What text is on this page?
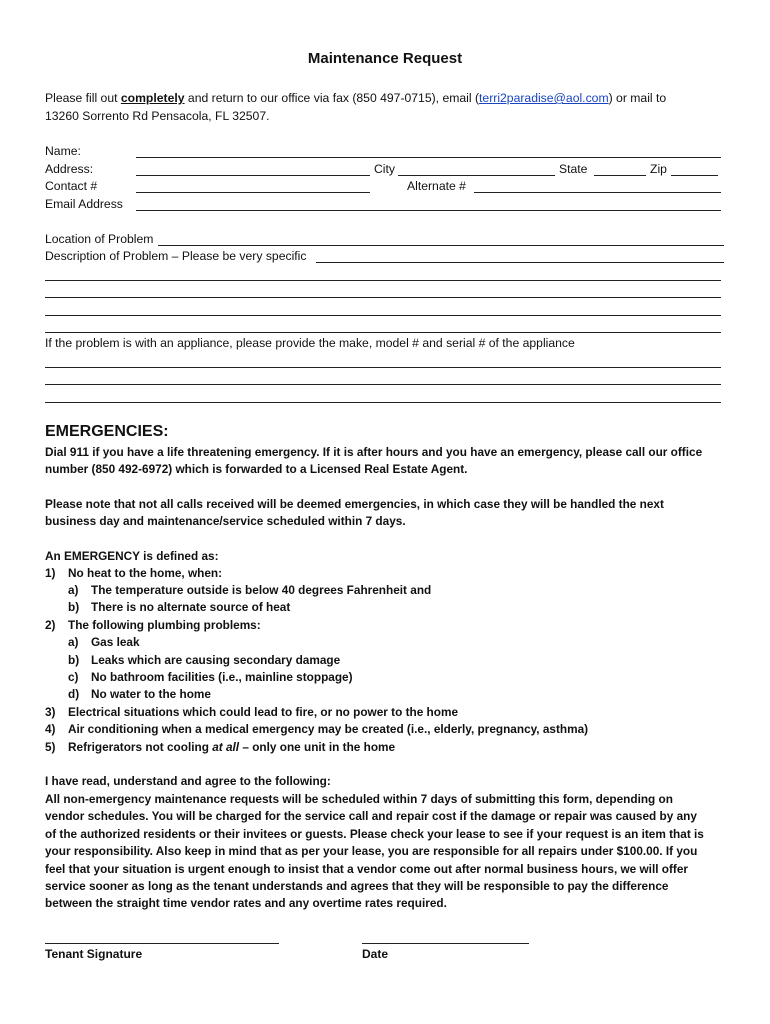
Maintenance Request
Please fill out completely and return to our office via fax (850 497-0715), email (terri2paradise@aol.com) or mail to
13260 Sorrento Rd Pensacola, FL 32507.
Name:
Address:	City	State	Zip
Contact #	Alternate #
Email Address
Location of Problem
Description of Problem – Please be very specific
If the problem is with an appliance, please provide the make, model # and serial # of the appliance
EMERGENCIES:
Dial 911 if you have a life threatening emergency. If it is after hours and you have an emergency, please call our office
number (850 492-6972) which is forwarded to a Licensed Real Estate Agent.
Please note that not all calls received will be deemed emergencies, in which case they will be handled the next
business day and maintenance/service scheduled within 7 days.
An EMERGENCY is defined as:
1) No heat to the home, when:
a) The temperature outside is below 40 degrees Fahrenheit and
b) There is no alternate source of heat
2) The following plumbing problems:
a) Gas leak
b) Leaks which are causing secondary damage
c) No bathroom facilities (i.e., mainline stoppage)
d) No water to the home
3) Electrical situations which could lead to fire, or no power to the home
4) Air conditioning when a medical emergency may be created (i.e., elderly, pregnancy, asthma)
5) Refrigerators not cooling at all – only one unit in the home
I have read, understand and agree to the following:
All non-emergency maintenance requests will be scheduled within 7 days of submitting this form, depending on
vendor schedules. You will be charged for the service call and repair cost if the damage or repair was caused by any
of the authorized residents or their invitees or guests. Please check your lease to see if your request is an item that is
your responsibility. Also keep in mind that as per your lease, you are responsible for all repairs under $100.00. If you
feel that your situation is urgent enough to insist that a vendor come out after normal business hours, we will offer
service sooner as long as the tenant understands and agrees that they will be responsible to pay the difference
between the straight time vendor rates and any overtime rates required.
Tenant Signature	Date
